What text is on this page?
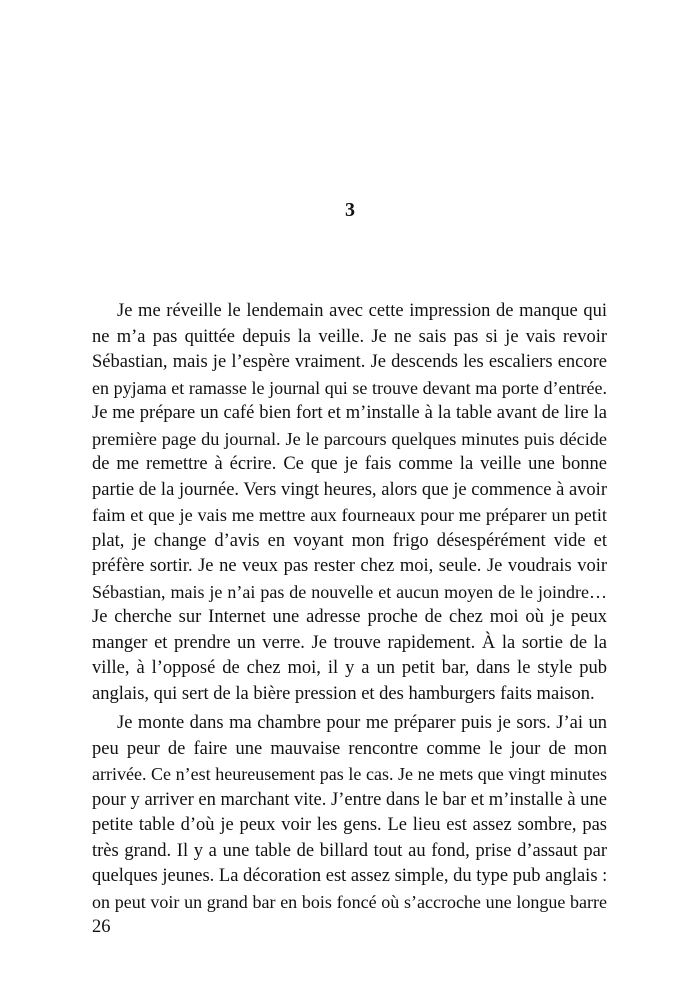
3
Je me réveille le lendemain avec cette impression de manque qui
ne m’a pas quittée depuis la veille. Je ne sais pas si je vais revoir
Sébastian, mais je l’espère vraiment. Je descends les escaliers encore
en pyjama et ramasse le journal qui se trouve devant ma porte d’entrée.
Je me prépare un café bien fort et m’installe à la table avant de lire la
première page du journal. Je le parcours quelques minutes puis décide
de me remettre à écrire. Ce que je fais comme la veille une bonne
partie de la journée. Vers vingt heures, alors que je commence à avoir
faim et que je vais me mettre aux fourneaux pour me préparer un petit
plat, je change d’avis en voyant mon frigo désespérément vide et
préfère sortir. Je ne veux pas rester chez moi, seule. Je voudrais voir
Sébastian, mais je n’ai pas de nouvelle et aucun moyen de le joindre…
Je cherche sur Internet une adresse proche de chez moi où je peux
manger et prendre un verre. Je trouve rapidement. À la sortie de la
ville, à l’opposé de chez moi, il y a un petit bar, dans le style pub
anglais, qui sert de la bière pression et des hamburgers faits maison.
Je monte dans ma chambre pour me préparer puis je sors. J’ai un
peu peur de faire une mauvaise rencontre comme le jour de mon
arrivée. Ce n’est heureusement pas le cas. Je ne mets que vingt minutes
pour y arriver en marchant vite. J’entre dans le bar et m’installe à une
petite table d’où je peux voir les gens. Le lieu est assez sombre, pas
très grand. Il y a une table de billard tout au fond, prise d’assaut par
quelques jeunes. La décoration est assez simple, du type pub anglais :
on peut voir un grand bar en bois foncé où s’accroche une longue barre
26
